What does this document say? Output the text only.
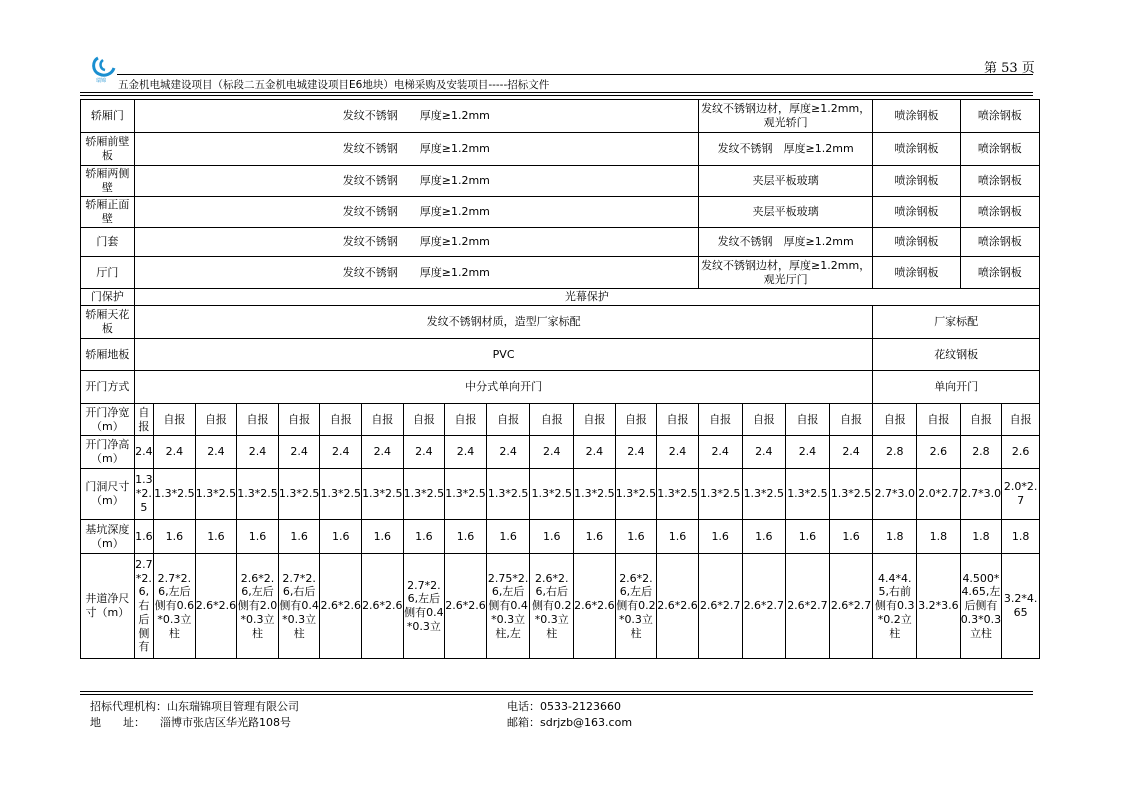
瑞锦
第 53 页
五金机电城建设项目（标段二五金机电城建设项目E6地块）电梯采购及安装项目-----招标文件
轿厢门	发纹不锈钢　　厚度≥1.2mm														发纹不锈钢边材，厚度≥1.2mm，观光轿门				喷涂钢板		喷涂钢板	
轿厢前壁板	发纹不锈钢　　厚度≥1.2mm														发纹不锈钢　厚度≥1.2mm				喷涂钢板		喷涂钢板	
轿厢两侧壁	发纹不锈钢　　厚度≥1.2mm														夹层平板玻璃				喷涂钢板		喷涂钢板	
轿厢正面壁	发纹不锈钢　　厚度≥1.2mm														夹层平板玻璃				喷涂钢板		喷涂钢板	
门套	发纹不锈钢　　厚度≥1.2mm														发纹不锈钢　厚度≥1.2mm				喷涂钢板		喷涂钢板	
厅门	发纹不锈钢　　厚度≥1.2mm														发纹不锈钢边材，厚度≥1.2mm，观光厅门				喷涂钢板		喷涂钢板	
门保护	光幕保护																					
轿厢天花板	发纹不锈钢材质，造型厂家标配																		厂家标配			
轿厢地板	PVC																		花纹钢板			
开门方式	中分式单向开门																		单向开门			
开门净宽（m）	自报	自报	自报	自报	自报	自报	自报	自报	自报	自报	自报	自报	自报	自报	自报	自报	自报	自报	自报	自报	自报	自报
开门净高（m）	2.4	2.4	2.4	2.4	2.4	2.4	2.4	2.4	2.4	2.4	2.4	2.4	2.4	2.4	2.4	2.4	2.4	2.4	2.8	2.6	2.8	2.6
门洞尺寸（m）	1.3*2.5	1.3*2.5	1.3*2.5	1.3*2.5	1.3*2.5	1.3*2.5	1.3*2.5	1.3*2.5	1.3*2.5	1.3*2.5	1.3*2.5	1.3*2.5	1.3*2.5	1.3*2.5	1.3*2.5	1.3*2.5	1.3*2.5	1.3*2.5	2.7*3.0	2.0*2.7	2.7*3.0	2.0*2.7
基坑深度（m）	1.6	1.6	1.6	1.6	1.6	1.6	1.6	1.6	1.6	1.6	1.6	1.6	1.6	1.6	1.6	1.6	1.6	1.6	1.8	1.8	1.8	1.8
井道净尺寸（m）	2.7*2.6,右后侧有	2.7*2.6,左后侧有0.6*0.3立柱	2.6*2.6	2.6*2.6,左后侧有2.0*0.3立柱	2.7*2.6,右后侧有0.4*0.3立柱	2.6*2.6	2.6*2.6	2.7*2.6,左后侧有0.4*0.3立	2.6*2.6	2.75*2.6,左后侧有0.4*0.3立柱,左	2.6*2.6,右后侧有0.2*0.3立柱	2.6*2.6	2.6*2.6,左后侧有0.2*0.3立柱	2.6*2.6	2.6*2.7	2.6*2.7	2.6*2.7	2.6*2.7	4.4*4.5,右前侧有0.3*0.2立柱	3.2*3.6	4.500*4.65,左后侧有0.3*0.3立柱	3.2*4.65
招标代理机构：山东瑞锦项目管理有限公司
地　　址： 淄博市张店区华光路108号
电话：0533-2123660
邮箱：sdrjzb@163.com
